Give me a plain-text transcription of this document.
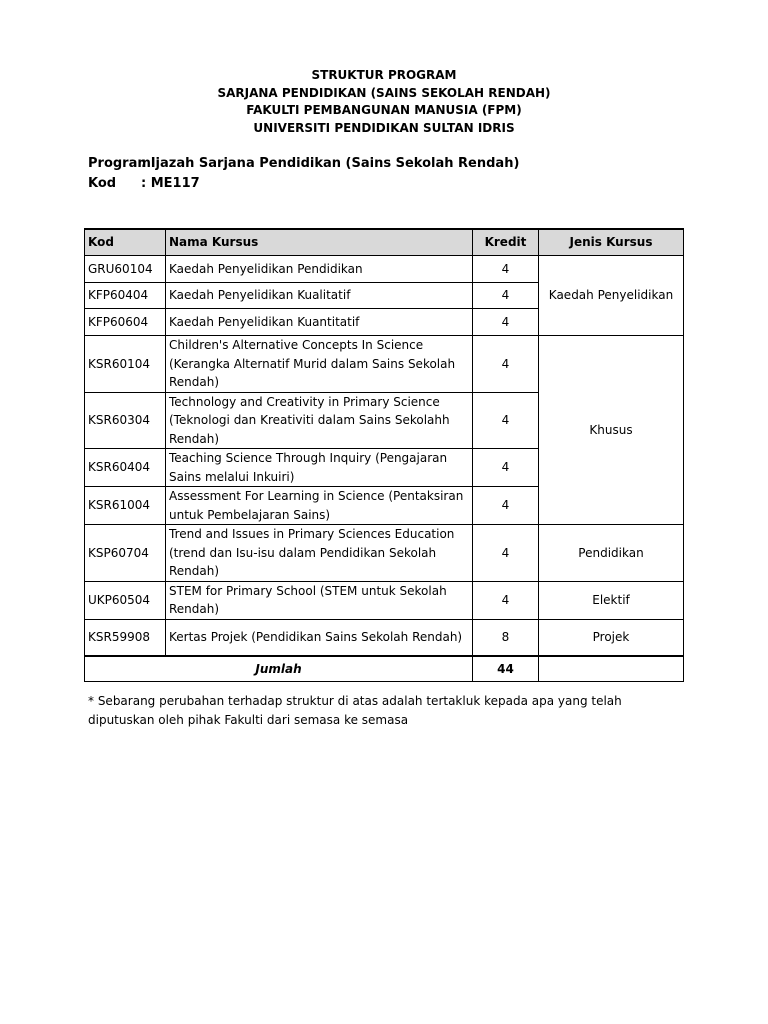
STRUKTUR PROGRAM
SARJANA PENDIDIKAN (SAINS SEKOLAH RENDAH)
FAKULTI PEMBANGUNAN MANUSIA (FPM)
UNIVERSITI PENDIDIKAN SULTAN IDRIS
Program
: Ijazah Sarjana Pendidikan (Sains Sekolah Rendah)
Kod	: ME117
Kod	Nama Kursus	Kredit	Jenis Kursus
GRU60104	Kaedah Penyelidikan Pendidikan	4	Kaedah Penyelidikan
KFP60404	Kaedah Penyelidikan Kualitatif	4	
KFP60604	Kaedah Penyelidikan Kuantitatif	4	
KSR60104	Children's Alternative Concepts In Science (Kerangka Alternatif Murid dalam Sains Sekolah Rendah)	4	Khusus
KSR60304	Technology and Creativity in Primary Science (Teknologi dan Kreativiti dalam Sains Sekolahh Rendah)	4	
KSR60404	Teaching Science Through Inquiry (Pengajaran Sains melalui Inkuiri)	4	
KSR61004	Assessment For Learning in Science (Pentaksiran untuk Pembelajaran Sains)	4	
KSP60704	Trend and Issues in Primary Sciences Education (trend dan Isu-isu dalam Pendidikan Sekolah Rendah)	4	Pendidikan
UKP60504	STEM for Primary School (STEM untuk Sekolah Rendah)	4	Elektif
KSR59908	Kertas Projek (Pendidikan Sains Sekolah Rendah)	8	Projek
Jumlah		44	
* Sebarang perubahan terhadap struktur di atas adalah tertakluk kepada apa yang telah diputuskan oleh pihak Fakulti dari semasa ke semasa
